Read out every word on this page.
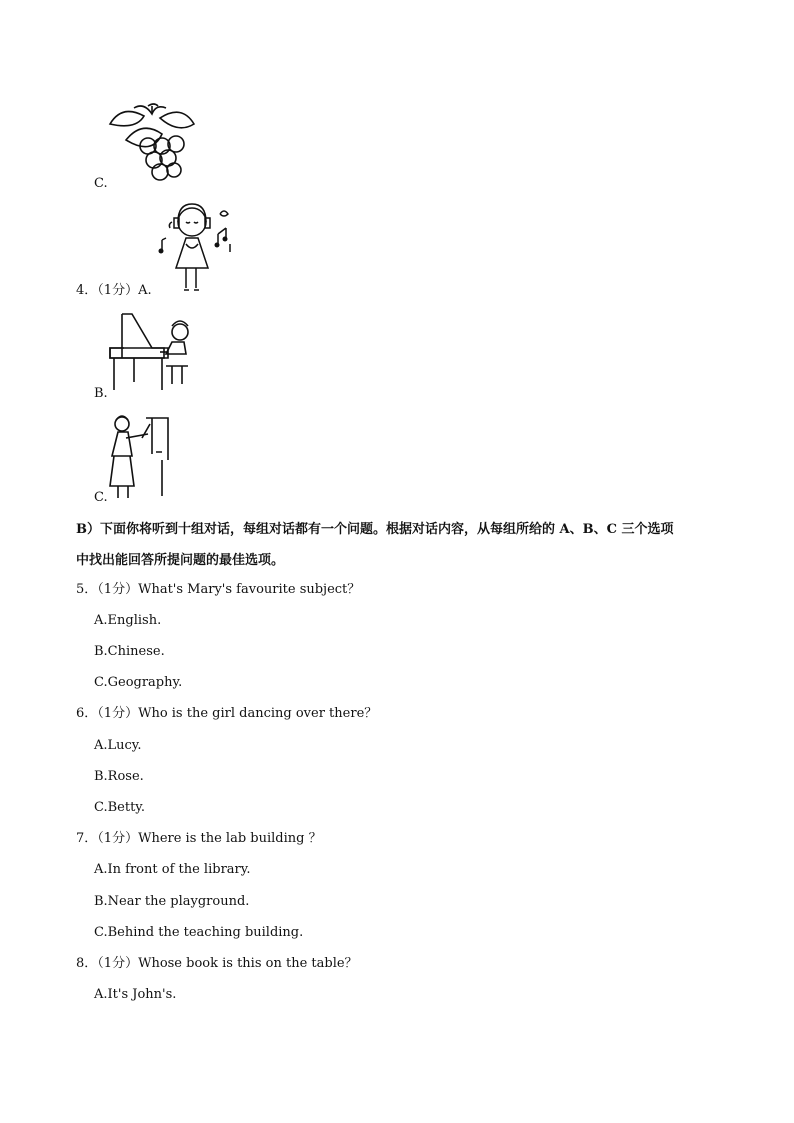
C.
4．（1分）A.
B.
C.
B）下面你将听到十组对话，每组对话都有一个问题。根据对话内容，从每组所给的 A、B、C 三个选项
中找出能回答所提问题的最佳选项。
5．（1分）What's Mary's favourite subject？
A.English.
B.Chinese.
C.Geography.
6．（1分）Who is the girl dancing over there？
A.Lucy.
B.Rose.
C.Betty.
7．（1分）Where is the lab building ？
A.In front of the library.
B.Near the playground.
C.Behind the teaching building.
8．（1分）Whose book is this on the table？
A.It's John's.
